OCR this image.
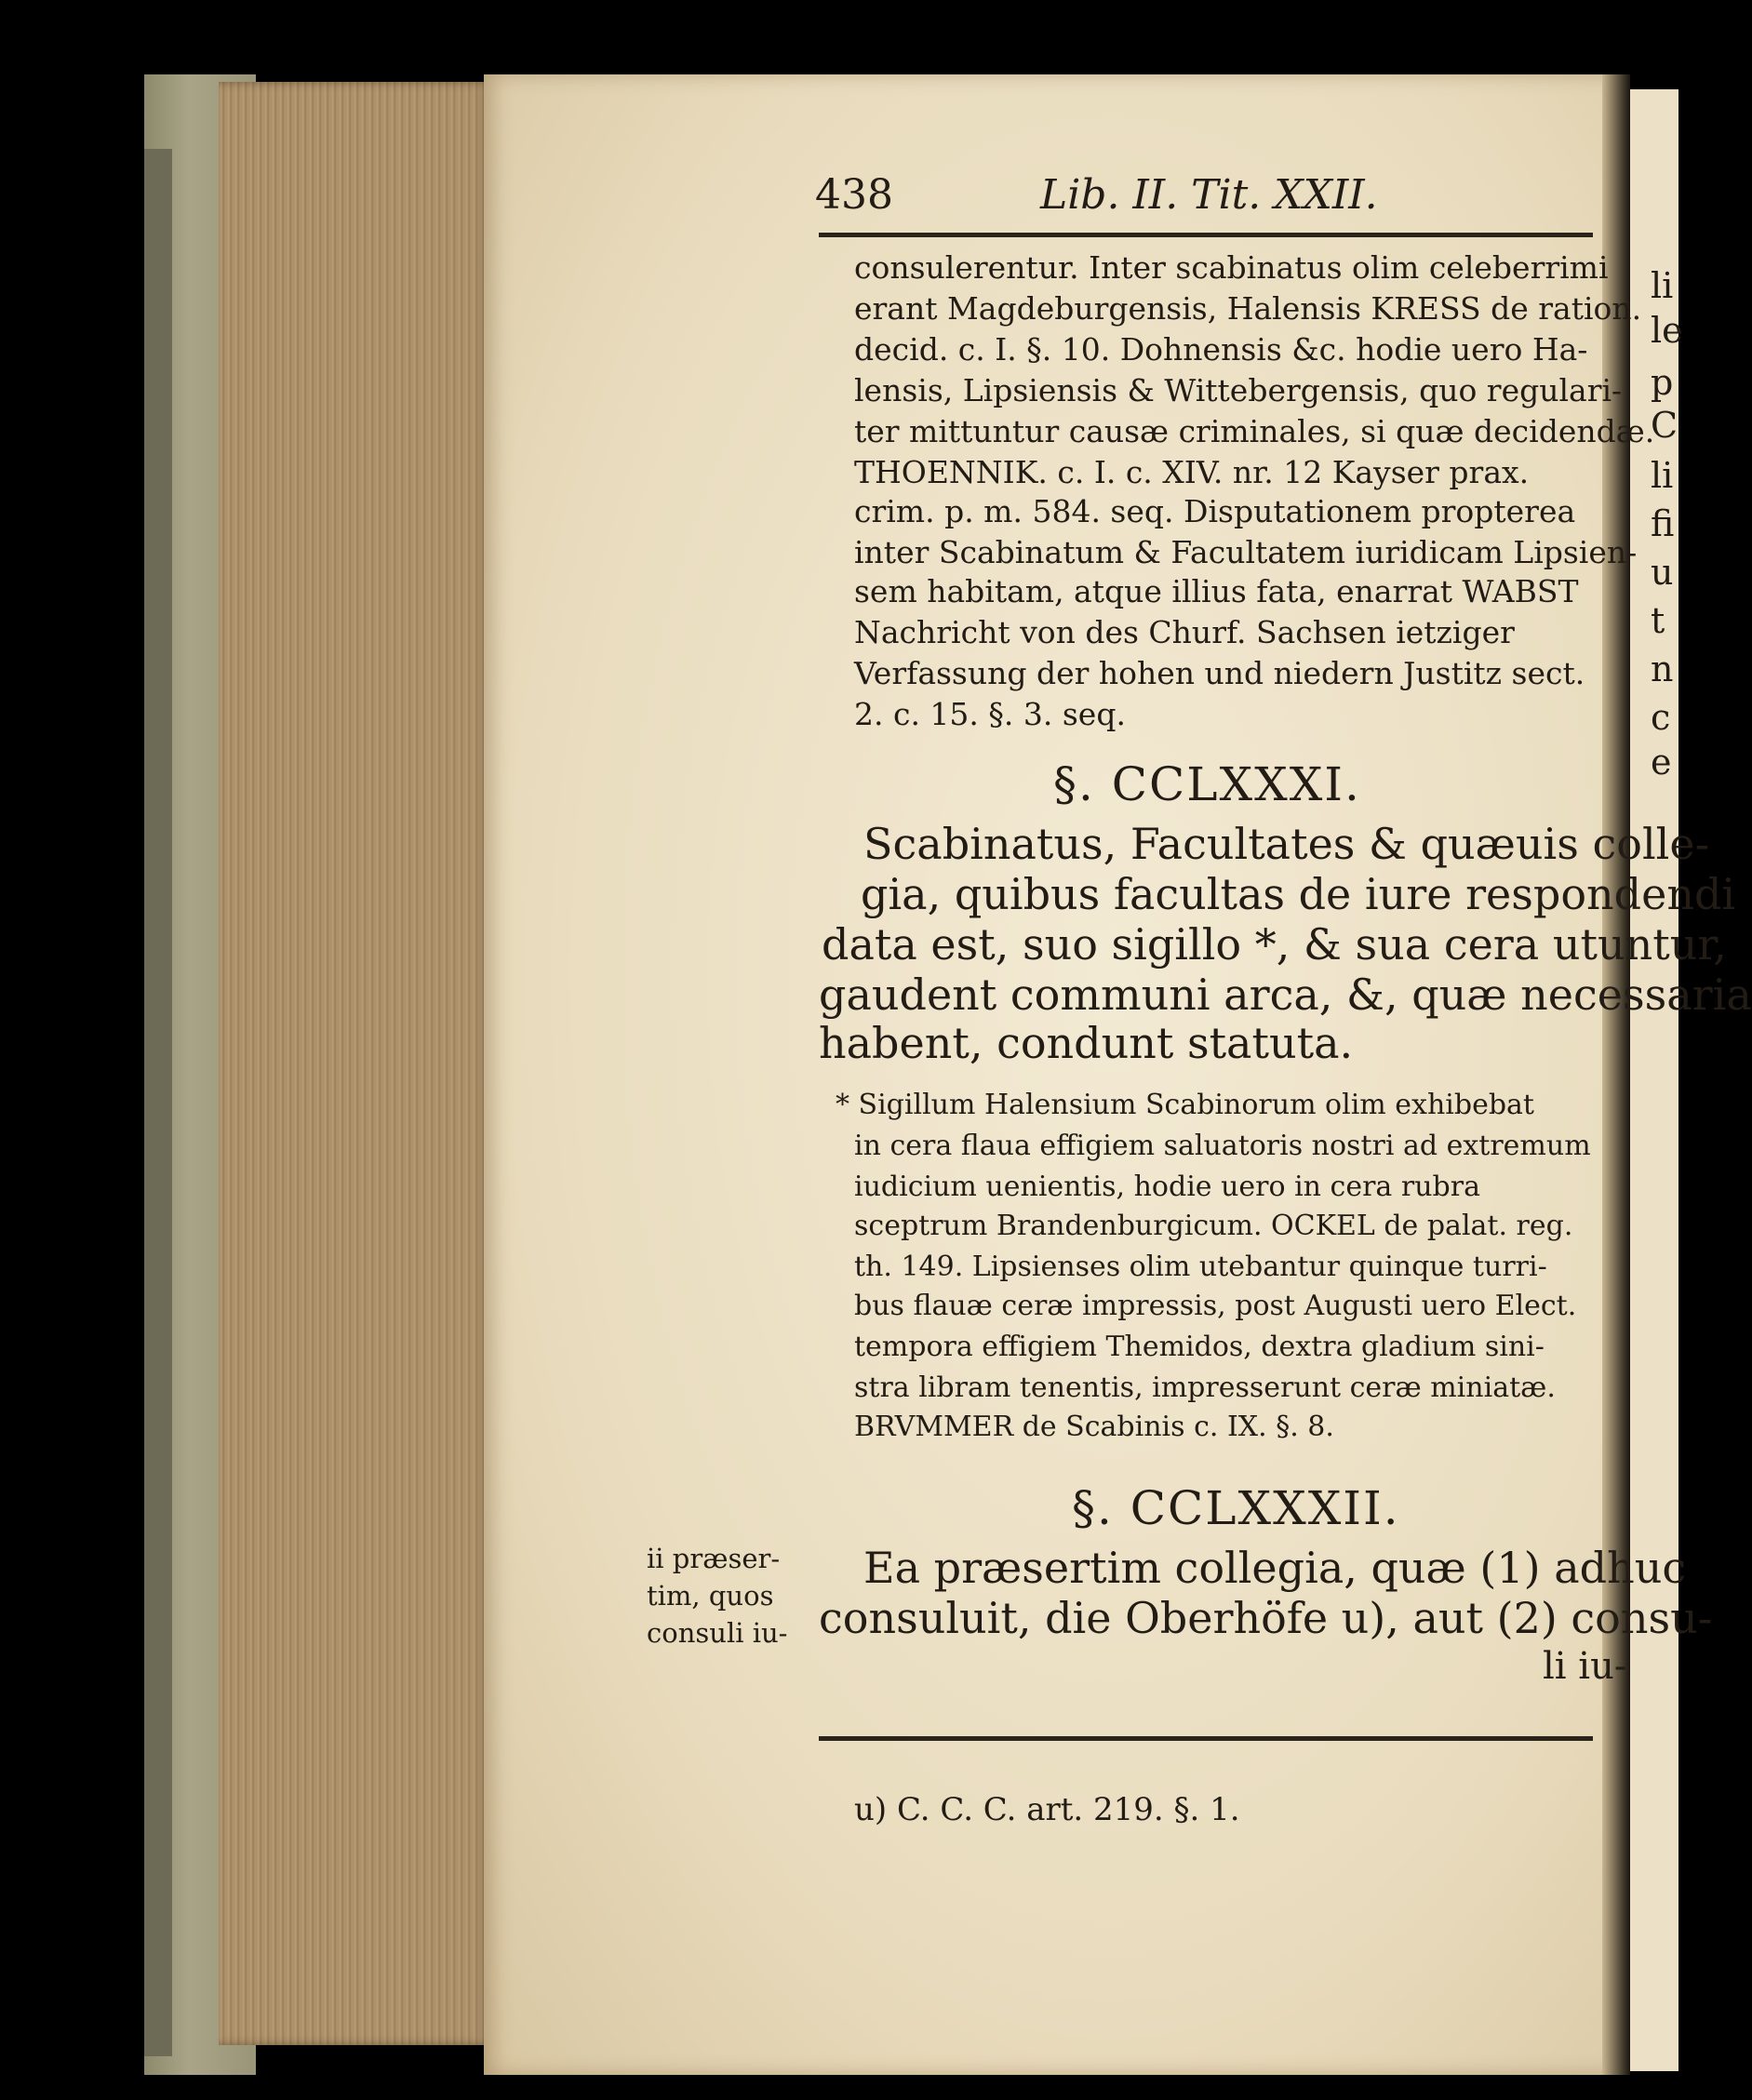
li
le
p
C
li
fi
u
t
n
c
e
438	Lib. II. Tit. XXII.
consulerentur. Inter scabinatus olim celeberrimi
erant Magdeburgensis, Halensis KRESS de ration.
decid. c. I. §. 10. Dohnensis &c. hodie uero Ha-
lensis, Lipsiensis & Wittebergensis, quo regulari-
ter mittuntur causæ criminales, si quæ decidendæ.
THOENNIK. c. I. c. XIV. nr. 12 Kayser prax.
crim. p. m. 584. seq. Disputationem propterea
inter Scabinatum & Facultatem iuridicam Lipsien-
sem habitam, atque illius fata, enarrat WABST
Nachricht von des Churf. Sachsen ietziger
Verfassung der hohen und niedern Justitz sect.
2. c. 15. §. 3. seq.
§. CCLXXXI.
Scabinatus, Facultates & quæuis colle-
gia, quibus facultas de iure respondendi
data est, suo sigillo *, & sua cera utuntur,
gaudent communi arca, &, quæ necessaria
habent, condunt statuta.
* Sigillum Halensium Scabinorum olim exhibebat
in cera flaua effigiem saluatoris nostri ad extremum
iudicium uenientis, hodie uero in cera rubra
sceptrum Brandenburgicum. OCKEL de palat. reg.
th. 149. Lipsienses olim utebantur quinque turri-
bus flauæ ceræ impressis, post Augusti uero Elect.
tempora effigiem Themidos, dextra gladium sini-
stra libram tenentis, impresserunt ceræ miniatæ.
BRVMMER de Scabinis c. IX. §. 8.
§. CCLXXXII.
Ea præsertim collegia, quæ (1) adhuc
consuluit, die Oberhöfe u), aut (2) consu-
li iu-
ii præser-
tim, quos
consuli iu-
u) C. C. C. art. 219. §. 1.
